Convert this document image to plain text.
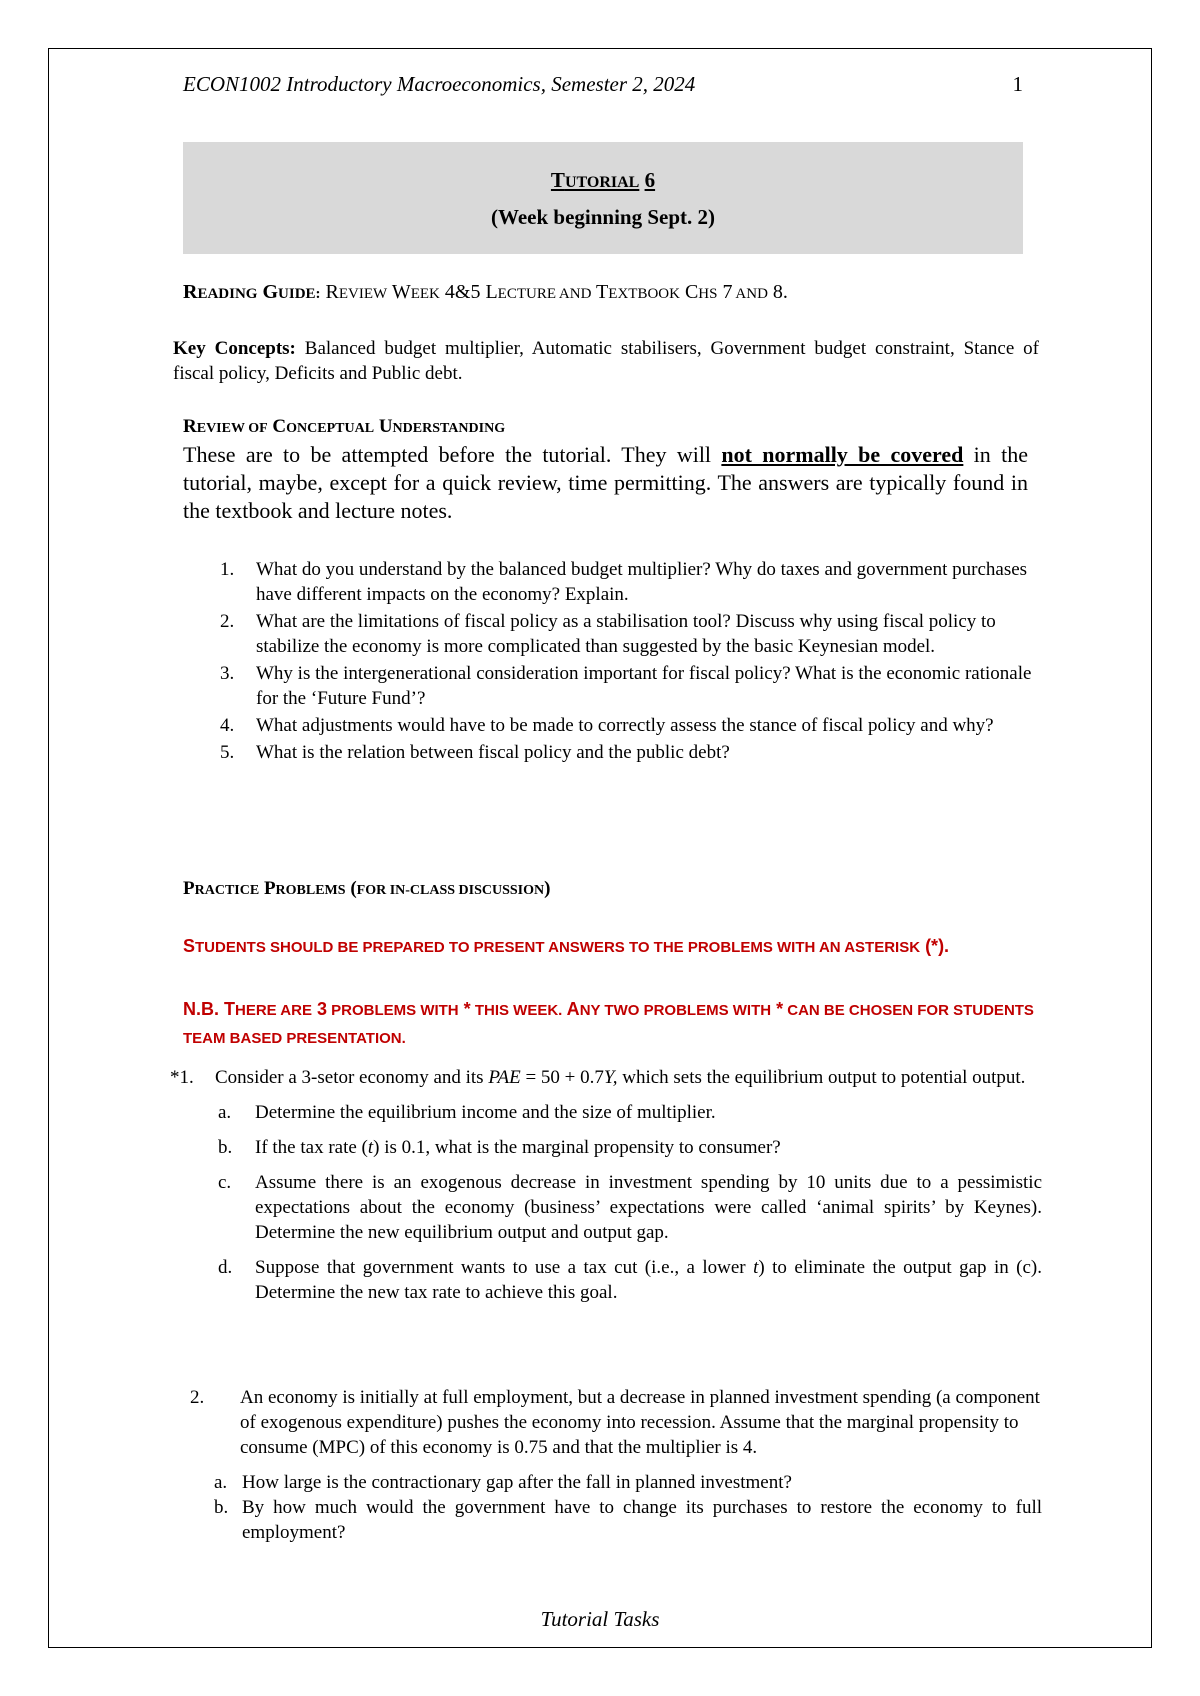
ECON1002 Introductory Macroeconomics, Semester 2, 2024	1
TUTORIAL 6
(Week beginning Sept. 2)
READING GUIDE: REVIEW WEEK 4&5 LECTURE AND TEXTBOOK CHS 7 AND 8.
Key Concepts: Balanced budget multiplier, Automatic stabilisers, Government budget constraint, Stance of fiscal policy, Deficits and Public debt.
REVIEW OF CONCEPTUAL UNDERSTANDING
These are to be attempted before the tutorial. They will not normally be covered in the tutorial, maybe, except for a quick review, time permitting. The answers are typically found in the textbook and lecture notes.
1. What do you understand by the balanced budget multiplier? Why do taxes and government purchases have different impacts on the economy? Explain.
2. What are the limitations of fiscal policy as a stabilisation tool? Discuss why using fiscal policy to stabilize the economy is more complicated than suggested by the basic Keynesian model.
3. Why is the intergenerational consideration important for fiscal policy? What is the economic rationale for the ‘Future Fund’?
4. What adjustments would have to be made to correctly assess the stance of fiscal policy and why?
5. What is the relation between fiscal policy and the public debt?
PRACTICE PROBLEMS (FOR IN-CLASS DISCUSSION)
STUDENTS SHOULD BE PREPARED TO PRESENT ANSWERS TO THE PROBLEMS WITH AN ASTERISK (*).
N.B. THERE ARE 3 PROBLEMS WITH * THIS WEEK. ANY TWO PROBLEMS WITH * CAN BE CHOSEN FOR STUDENTS TEAM BASED PRESENTATION.
*1. Consider a 3-setor economy and its PAE = 50 + 0.7Y, which sets the equilibrium output to potential output.
a. Determine the equilibrium income and the size of multiplier.
b. If the tax rate (t) is 0.1, what is the marginal propensity to consumer?
c. Assume there is an exogenous decrease in investment spending by 10 units due to a pessimistic expectations about the economy (business’ expectations were called ‘animal spirits’ by Keynes). Determine the new equilibrium output and output gap.
d. Suppose that government wants to use a tax cut (i.e., a lower t) to eliminate the output gap in (c). Determine the new tax rate to achieve this goal.
2. An economy is initially at full employment, but a decrease in planned investment spending (a component of exogenous expenditure) pushes the economy into recession. Assume that the marginal propensity to consume (MPC) of this economy is 0.75 and that the multiplier is 4.
a. How large is the contractionary gap after the fall in planned investment?
b. By how much would the government have to change its purchases to restore the economy to full employment?
Tutorial Tasks
